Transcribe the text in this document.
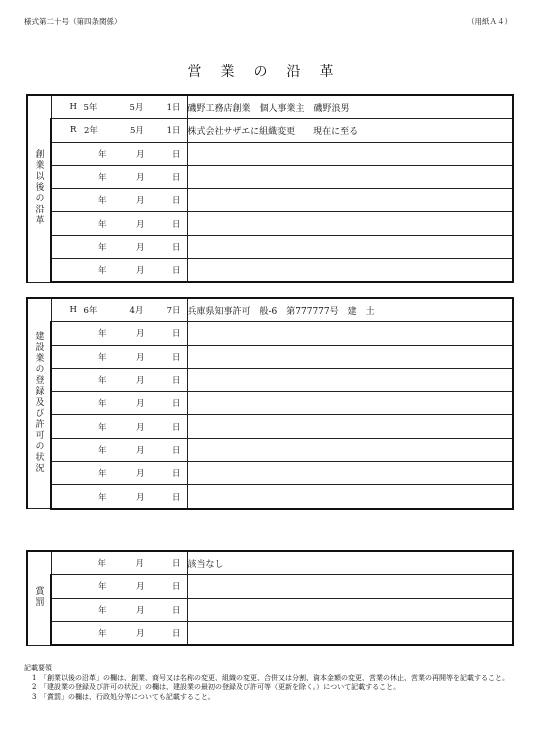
様式第二十号（第四条関係）	（用紙Ａ４）
営業の沿革
創業以後の沿革	H 5年 5月 1日	磯野工務店創業　個人事業主　磯野浪男

	R 2年 5月 1日	株式会社サザエに組織変更　　現在に至る

	年 月 日	

	年 月 日	

	年 月 日	

	年 月 日	

	年 月 日	

	年 月 日	

建設業の登録及び許可の状況	H 6年 4月 7日	兵庫県知事許可　般-6　第777777号　建　土

	年 月 日	

	年 月 日	

	年 月 日	

	年 月 日	

	年 月 日	

	年 月 日	

	年 月 日	

	年 月 日	

賞罰	年 月 日	該当なし

	年 月 日	

	年 月 日	

	年 月 日	

記載要領
1　「創業以後の沿革」の欄は、創業、商号又は名称の変更、組織の変更、合併又は分割、資本金額の変更、営業の休止、営業の再開等を記載すること。
2　「建設業の登録及び許可の状況」の欄は、建設業の最初の登録及び許可等（更新を除く。）について記載すること。
3　「賞罰」の欄は、行政処分等についても記載すること。
